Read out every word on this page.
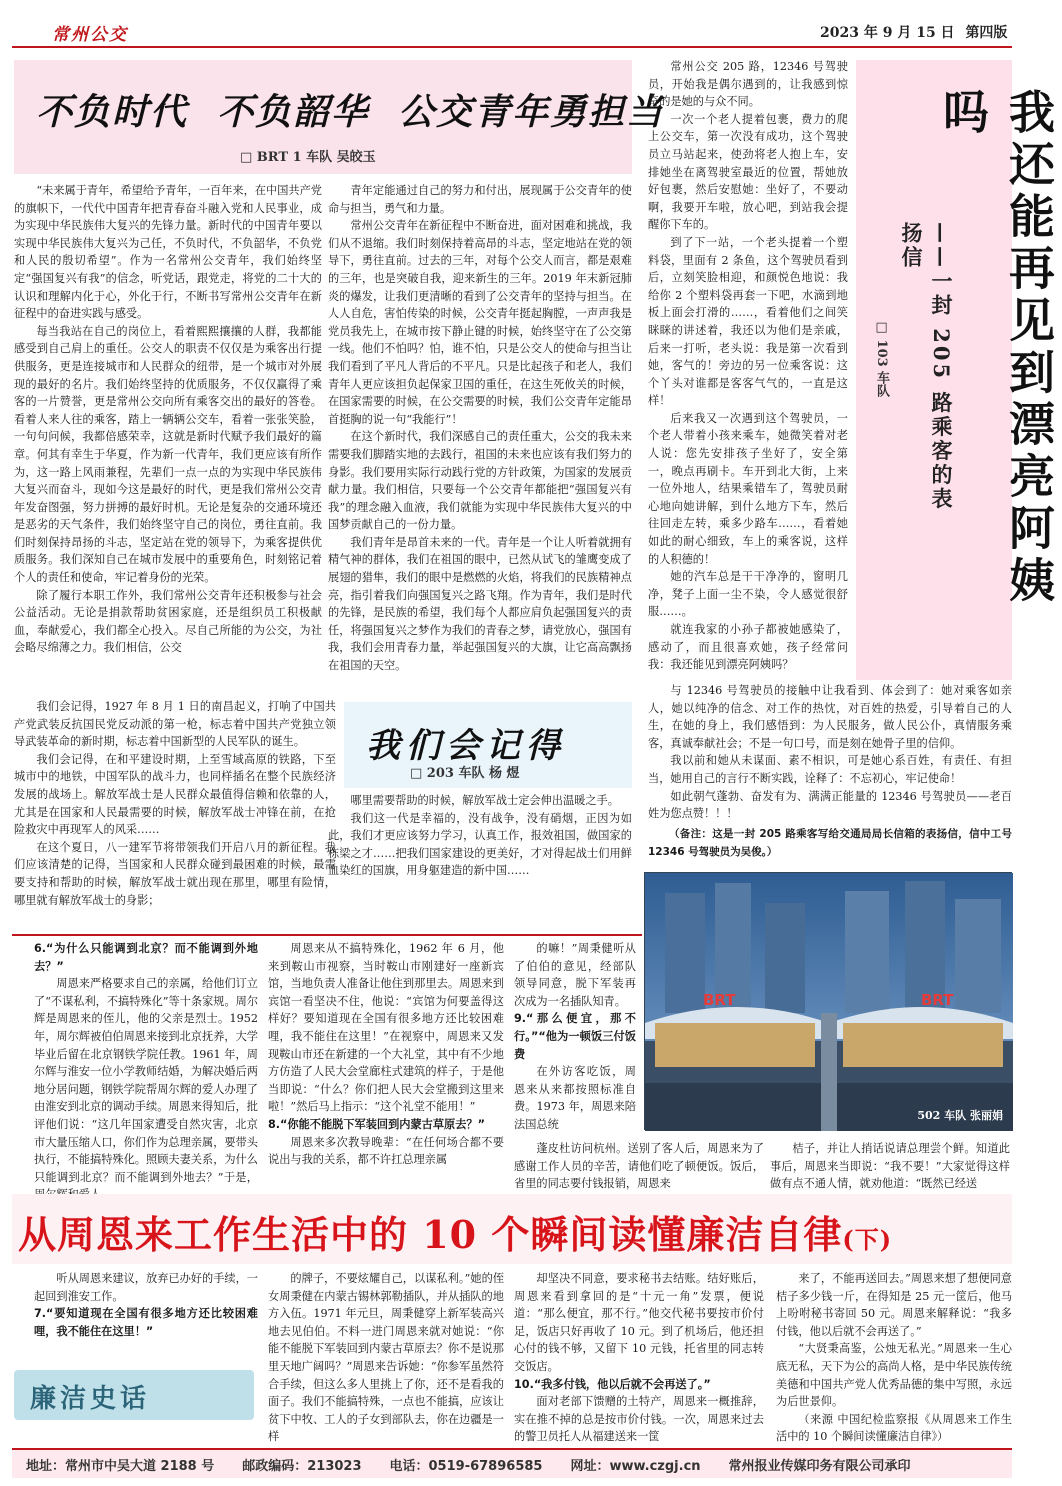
常州公交	2023 年 9 月 15 日 第四版
不负时代  不负韶华  公交青年勇担当
□ BRT 1 车队 吴皎玉

“未来属于青年，希望给予青年，一百年来，在中国共产党的旗帜下，一代代中国青年把青春奋斗融入党和人民事业，成为实现中华民族伟大复兴的先锋力量。新时代的中国青年要以实现中华民族伟大复兴为己任，不负时代，不负韶华，不负党和人民的殷切希望”。作为一名常州公交青年，我们始终坚定“强国复兴有我”的信念，听党话，跟党走，将党的二十大的认识和理解内化于心，外化于行，不断书写常州公交青年在新征程中的奋进实践与感受。

每当我站在自己的岗位上，看着熙熙攘攘的人群，我都能感受到自己肩上的重任。公交人的职责不仅仅是为乘客出行提供服务，更是连接城市和人民群众的纽带，是一个城市对外展现的最好的名片。我们始终坚持的优质服务，不仅仅赢得了乘客的一片赞誉，更是常州公交向所有乘客交出的最好的答卷。看着人来人往的乘客，踏上一辆辆公交车，看着一张张笑脸，一句句问候，我都倍感荣幸，这就是新时代赋予我们最好的篇章。何其有幸生于华夏，作为新一代青年，我们更应该有所作为，这一路上风雨兼程，先辈们一点一点的为实现中华民族伟大复兴而奋斗，现如今这是最好的时代，更是我们常州公交青年发奋图强，努力拼搏的最好时机。无论是复杂的交通环境还是恶劣的天气条件，我们始终坚守自己的岗位，勇往直前。我们时刻保持昂扬的斗志，坚定站在党的领导下，为乘客提供优质服务。我们深知自己在城市发展中的重要角色，时刻铭记着个人的责任和使命，牢记着身份的光荣。

除了履行本职工作外，我们常州公交青年还积极参与社会公益活动。无论是捐款帮助贫困家庭，还是组织员工积极献血，奉献爱心，我们都全心投入。尽自己所能的为公交，为社会略尽绵薄之力。我们相信，公交

青年定能通过自己的努力和付出，展现属于公交青年的使命与担当，勇气和力量。

常州公交青年在新征程中不断奋进，面对困难和挑战，我们从不退缩。我们时刻保持着高昂的斗志，坚定地站在党的领导下，勇往直前。过去的三年，对每个公交人而言，都是艰难的三年，也是突破自我，迎来新生的三年。2019 年末新冠肺炎的爆发，让我们更清晰的看到了公交青年的坚持与担当。在人人自危，害怕传染的时候，公交青年挺起胸膛，一声声我是党员我先上，在城市按下静止键的时候，始终坚守在了公交第一线。他们不怕吗？怕，谁不怕，只是公交人的使命与担当让我们看到了平凡人背后的不平凡。只是比起孩子和老人，我们青年人更应该担负起保家卫国的重任，在这生死攸关的时候，在国家需要的时候，在公交需要的时候，我们公交青年定能昂首挺胸的说一句“我能行”！

在这个新时代，我们深感自己的责任重大，公交的我未来需要我们脚踏实地的去践行，祖国的未来也应该有我们努力的身影。我们要用实际行动践行党的方针政策，为国家的发展贡献力量。我们相信，只要每一个公交青年都能把“强国复兴有我”的理念融入血液，我们就能为实现中华民族伟大复兴的中国梦贡献自己的一份力量。

我们青年是昂首未来的一代。青年是一个让人听着就拥有精气神的群体，我们在祖国的眼中，已然从试飞的雏鹰变成了展翅的猎隼，我们的眼中是燃燃的火焰，将我们的民族精神点亮，指引着我们向强国复兴之路飞翔。作为青年，我们是时代的先锋，是民族的希望，我们每个人都应肩负起强国复兴的责任，将强国复兴之梦作为我们的青春之梦，请党放心，强国有我，我们会用青春力量，举起强国复兴的大旗，让它高高飘扬在祖国的天空。

我还能再见到漂亮阿姨吗
——一封 205 路乘客的表扬信
□ 103 车队

常州公交 205 路，12346 号驾驶员，开始我是偶尔遇到的，让我感到惊奇的是她的与众不同。

一次一个老人提着包裹，费力的爬上公交车，第一次没有成功，这个驾驶员立马站起来，使劲将老人抱上车，安排她坐在离驾驶室最近的位置，帮她放好包裹，然后安慰她：坐好了，不要动啊，我要开车啦，放心吧，到站我会提醒你下车的。

到了下一站，一个老头提着一个塑料袋，里面有 2 条鱼，这个驾驶员看到后，立刻笑脸相迎，和颜悦色地说：我给你 2 个塑料袋再套一下吧，水滴到地板上面会打滑的……，看着他们之间笑眯眯的讲述着，我还以为他们是亲戚，后来一打听，老头说：我是第一次看到她，客气的！旁边的另一位乘客说：这个丫头对谁都是客客气气的，一直是这样！

后来我又一次遇到这个驾驶员，一个老人带着小孩来乘车，她微笑着对老人说：您先安排孩子坐好了，安全第一，晚点再刷卡。车开到北大街，上来一位外地人，结果乘错车了，驾驶员耐心地向她讲解，到什么地方下车，然后往回走左转，乘多少路车……，看着她如此的耐心细致，车上的乘客说，这样的人积德的！

她的汽车总是干干净净的，窗明几净，凳子上面一尘不染，令人感觉很舒服……。

就连我家的小孙子都被她感染了，感动了，而且很喜欢她，孩子经常问我：我还能见到漂亮阿姨吗？

与 12346 号驾驶员的接触中让我看到、体会到了：她对乘客如亲人，她以纯净的信念、对工作的热忱，对百姓的热爱，引导着自己的人生，在她的身上，我们感悟到：为人民服务，做人民公仆，真情服务乘客，真诚奉献社会；不是一句口号，而是刻在她骨子里的信仰。

我以前和她从未谋面、素不相识，可是她心系百姓，有责任、有担当，她用自己的言行不断实践，诠释了：不忘初心，牢记使命！

如此朝气蓬勃、奋发有为、满满正能量的 12346 号驾驶员——老百姓为您点赞！！！

（备注：这是一封 205 路乘客写给交通局局长信箱的表扬信，信中工号 12346 号驾驶员为吴俊。）

我们会记得
□ 203 车队 杨 煜

我们会记得，1927 年 8 月 1 日的南昌起义，打响了中国共产党武装反抗国民党反动派的第一枪，标志着中国共产党独立领导武装革命的新时期，标志着中国新型的人民军队的诞生。

我们会记得，在和平建设时期，上至雪域高原的铁路，下至城市中的地铁，中国军队的战斗力，也同样插名在整个民族经济发展的战场上。解放军战士是人民群众最值得信赖和依靠的人，尤其是在国家和人民最需要的时候，解放军战士冲锋在前，在抢险救灾中再现军人的风采……

在这个夏日，八一建军节将带领我们开启八月的新征程。我们应该清楚的记得，当国家和人民群众碰到最困难的时候，最需要支持和帮助的时候，解放军战士就出现在那里，哪里有险情，哪里就有解放军战士的身影；

哪里需要帮助的时候，解放军战士定会伸出温暖之手。

我们这一代是幸福的，没有战争，没有硝烟，正因为如此，我们才更应该努力学习，认真工作，报效祖国，做国家的栋梁之才……把我们国家建设的更美好，才对得起战士们用鲜血染红的国旗，用身躯建造的新中国……

BRT	BRT
502 车队 张丽娟

6.“为什么只能调到北京？而不能调到外地去？”

周恩来严格要求自己的亲属，给他们订立了“不谋私利，不搞特殊化”等十条家规。周尔辉是周恩来的侄儿，他的父亲是烈士。1952 年，周尔辉被伯伯周恩来接到北京抚养，大学毕业后留在北京钢铁学院任教。1961 年，周尔辉与淮安一位小学教师结婚，为解决婚后两地分居问题，钢铁学院帮周尔辉的爱人办理了由淮安到北京的调动手续。周恩来得知后，批评他们说：“这几年国家遭受自然灾害，北京市大量压缩人口，你们作为总理亲属，要带头执行，不能搞特殊化。照顾夫妻关系，为什么只能调到北京？而不能调到外地去？”于是，

周恩来从不搞特殊化，1962 年 6 月，他来到鞍山市视察，当时鞍山市刚建好一座新宾馆，当地负责人准备让他住到那里去。周恩来到宾馆一看坚决不住，他说：“宾馆为何要盖得这样好？要知道现在全国有很多地方还比较困难哩，我不能住在这里！”在视察中，周恩来又发现鞍山市还在新建的一个大礼堂，其中有不少地方仿造了人民大会堂廊柱式建筑的样子，于是他当即说：“什么？你们把人民大会堂搬到这里来啦！”然后马上指示：“这个礼堂不能用！”

8.“你能不能脱下军装回到内蒙古草原去？”

周恩来多次教导晚辈：“在任何场合都不要说出与我的关系，都不许扛总理亲属

的嘛！”周秉健听从了伯伯的意见，经部队领导同意，脱下军装再次成为一名插队知青。

9.“那么便宜，那不行。”“他为一顿饭三付饭费

在外访客吃饭，周恩来从来都按照标准自费。1973 年，周恩来陪法国总统

蓬皮杜访问杭州。送别了客人后，周恩来为了感谢工作人员的辛苦，请他们吃了顿便饭。饭后，省里的同志要付钱报销，周恩来

桔子，并让人捎话说请总理尝个鲜。知道此事后，周恩来当即说：“我不要！”大家觉得这样做有点不通人情，就劝他道：“既然已经送

从周恩来工作生活中的 10 个瞬间读懂廉洁自律(下)

听从周恩来建议，放弃已办好的手续，一起回到淮安工作。

7.“要知道现在全国有很多地方还比较困难哩，我不能住在这里！”

廉洁史话

的牌子，不要炫耀自己，以谋私利。”她的侄女周秉健在内蒙古锡林郭勒插队，并从插队的地方入伍。1971 年元旦，周秉健穿上新军装高兴地去见伯伯。不料一进门周恩来就对她说：“你能不能脱下军装回到内蒙古草原去？你不是说那里天地广阔吗？”周恩来告诉她：“你参军虽然符合手续，但这么多人里挑上了你，还不是看我的面子。我们不能搞特殊，一点也不能搞，应该让贫下中牧、工人的子女到部队去，你在边疆是一样

却坚决不同意，要求秘书去结账。结好账后，周恩来看到拿回的是“十元一角”发票，便说道：“那么便宜，那不行。”他交代秘书要按市价付足，饭店只好再收了 10 元。到了机场后，他还担心付的钱不够，又留下 10 元钱，托省里的同志转交饭店。

10.“我多付钱，他以后就不会再送了。”

面对老部下馈赠的土特产，周恩来一概推辞，实在推不掉的总是按市价付钱。一次，周恩来过去的警卫员托人从福建送来一筐

来了，不能再送回去。”周恩来想了想便同意桔子多少钱一斤，在得知是 25 元一筐后，他马上吩咐秘书寄回 50 元。周恩来解释说：“我多付钱，他以后就不会再送了。”

“大贤秉高鉴，公烛无私光。”周恩来一生心底无私，天下为公的高尚人格，是中华民族传统美德和中国共产党人优秀品德的集中写照，永远为后世景仰。

（来源 中国纪检监察报《从周恩来工作生活中的 10 个瞬间读懂廉洁自律》）

地址：常州市中吴大道 2188 号 邮政编码：213023 电话：0519-67896585 网址：www.czgj.cn 常州报业传媒印务有限公司承印
